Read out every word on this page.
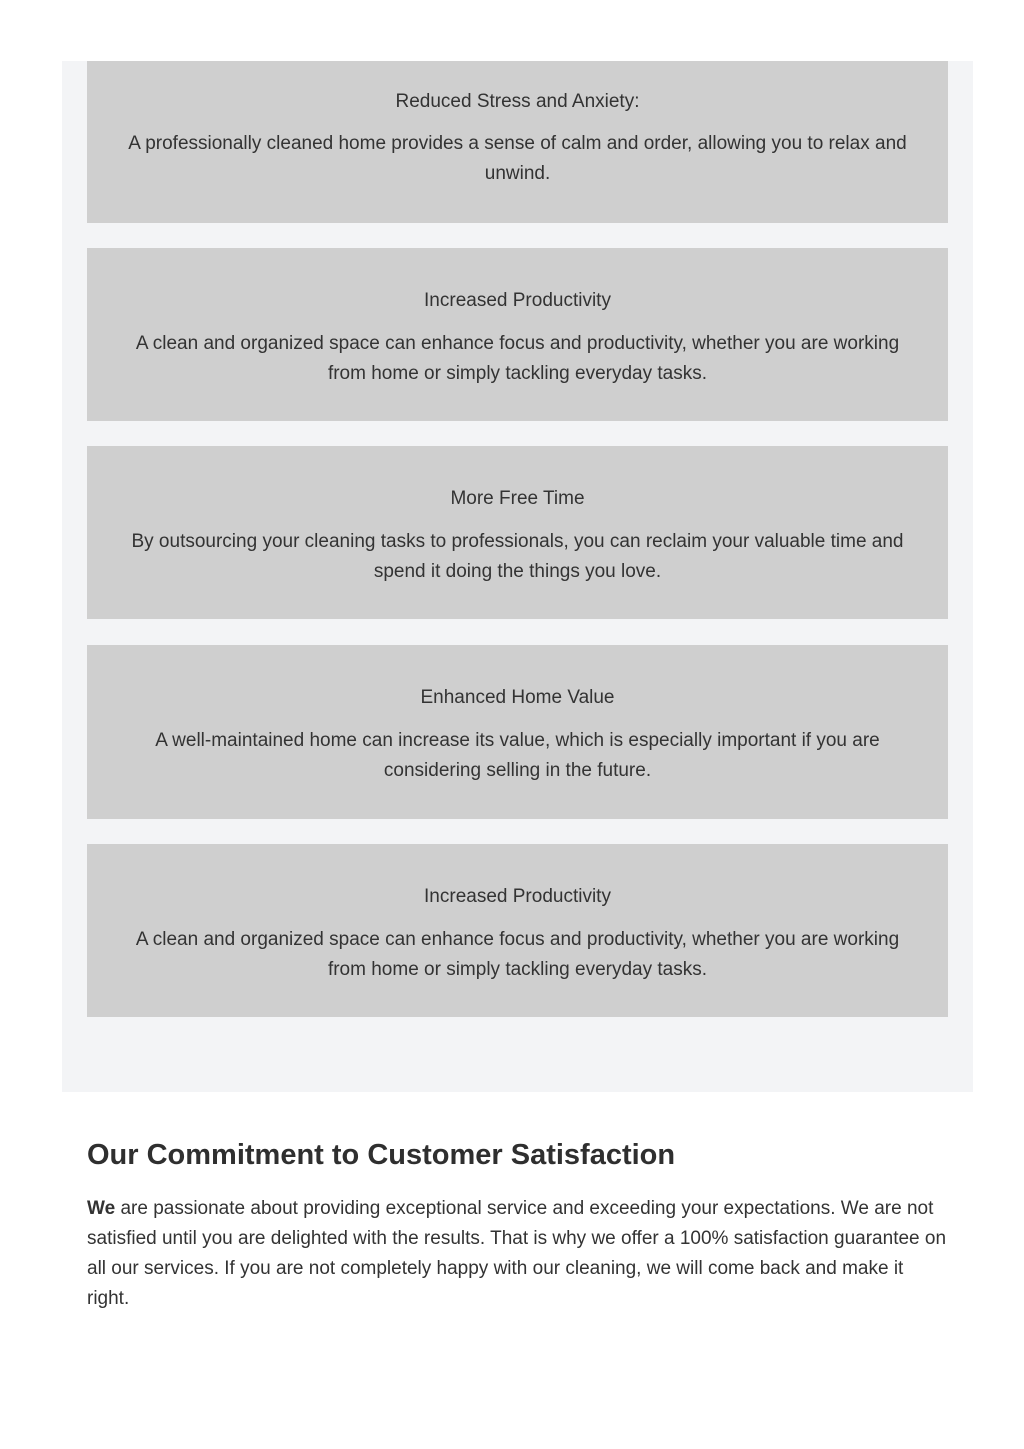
Reduced Stress and Anxiety:

A professionally cleaned home provides a sense of calm and order, allowing you to relax and unwind.

Increased Productivity

A clean and organized space can enhance focus and productivity, whether you are working from home or simply tackling everyday tasks.

More Free Time

By outsourcing your cleaning tasks to professionals, you can reclaim your valuable time and spend it doing the things you love.

Enhanced Home Value

A well-maintained home can increase its value, which is especially important if you are considering selling in the future.

Increased Productivity

A clean and organized space can enhance focus and productivity, whether you are working from home or simply tackling everyday tasks.

Our Commitment to Customer Satisfaction

We are passionate about providing exceptional service and exceeding your expectations. We are not satisfied until you are delighted with the results. That is why we offer a 100% satisfaction guarantee on all our services. If you are not completely happy with our cleaning, we will come back and make it right.
